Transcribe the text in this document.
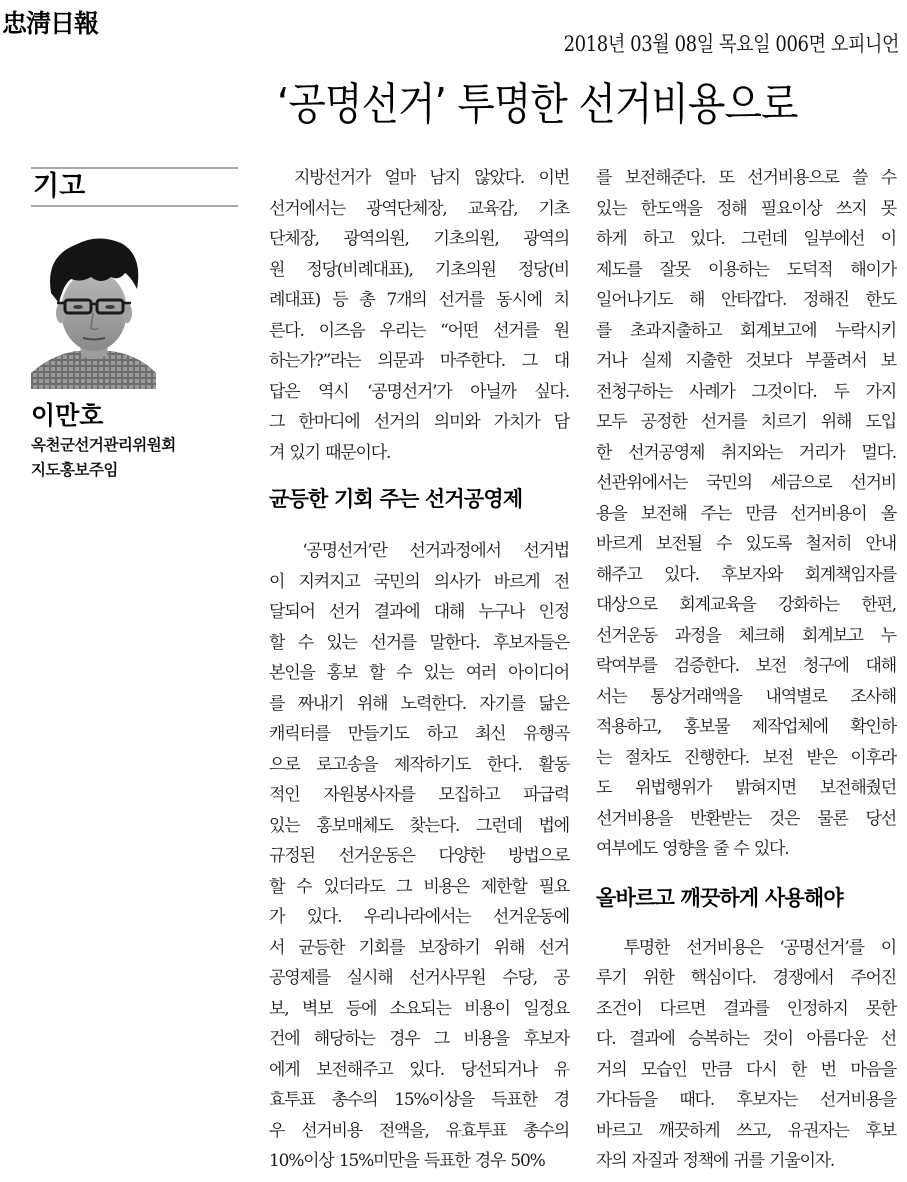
忠淸日報
2018년 03월 08일 목요일 006면 오피니언
‘공명선거’ 투명한 선거비용으로
기고
이만호
옥천군선거관리위원회
지도홍보주임
　지방선거가 얼마 남지 않았다. 이번
선거에서는 광역단체장, 교육감, 기초
단체장, 광역의원, 기초의원, 광역의
원 정당(비례대표), 기초의원 정당(비
례대표) 등 총 7개의 선거를 동시에 치
른다. 이즈음 우리는 “어떤 선거를 원
하는가?”라는 의문과 마주한다. 그 대
답은 역시 ‘공명선거’가 아닐까 싶다.
그 한마디에 선거의 의미와 가치가 담
겨 있기 때문이다.
균등한 기회 주는 선거공영제
　‘공명선거’란 선거과정에서 선거법
이 지켜지고 국민의 의사가 바르게 전
달되어 선거 결과에 대해 누구나 인정
할 수 있는 선거를 말한다. 후보자들은
본인을 홍보 할 수 있는 여러 아이디어
를 짜내기 위해 노력한다. 자기를 닮은
캐릭터를 만들기도 하고 최신 유행곡
으로 로고송을 제작하기도 한다. 활동
적인 자원봉사자를 모집하고 파급력
있는 홍보매체도 찾는다. 그런데 법에
규정된 선거운동은 다양한 방법으로
할 수 있더라도 그 비용은 제한할 필요
가 있다. 우리나라에서는 선거운동에
서 균등한 기회를 보장하기 위해 선거
공영제를 실시해 선거사무원 수당, 공
보, 벽보 등에 소요되는 비용이 일정요
건에 해당하는 경우 그 비용을 후보자
에게 보전해주고 있다. 당선되거나 유
효투표 총수의 15%이상을 득표한 경
우 선거비용 전액을, 유효투표 총수의
10%이상 15%미만을 득표한 경우 50%
를 보전해준다. 또 선거비용으로 쓸 수
있는 한도액을 정해 필요이상 쓰지 못
하게 하고 있다. 그런데 일부에선 이
제도를 잘못 이용하는 도덕적 해이가
일어나기도 해 안타깝다. 정해진 한도
를 초과지출하고 회계보고에 누락시키
거나 실제 지출한 것보다 부풀려서 보
전청구하는 사례가 그것이다. 두 가지
모두 공정한 선거를 치르기 위해 도입
한 선거공영제 취지와는 거리가 멀다.
선관위에서는 국민의 세금으로 선거비
용을 보전해 주는 만큼 선거비용이 올
바르게 보전될 수 있도록 철저히 안내
해주고 있다. 후보자와 회계책임자를
대상으로 회계교육을 강화하는 한편,
선거운동 과정을 체크해 회계보고 누
락여부를 검증한다. 보전 청구에 대해
서는 통상거래액을 내역별로 조사해
적용하고, 홍보물 제작업체에 확인하
는 절차도 진행한다. 보전 받은 이후라
도 위법행위가 밝혀지면 보전해줬던
선거비용을 반환받는 것은 물론 당선
여부에도 영향을 줄 수 있다.
올바르고 깨끗하게 사용해야
　투명한 선거비용은 ‘공명선거’를 이
루기 위한 핵심이다. 경쟁에서 주어진
조건이 다르면 결과를 인정하지 못한
다. 결과에 승복하는 것이 아름다운 선
거의 모습인 만큼 다시 한 번 마음을
가다듬을 때다. 후보자는 선거비용을
바르고 깨끗하게 쓰고, 유권자는 후보
자의 자질과 정책에 귀를 기울이자.
